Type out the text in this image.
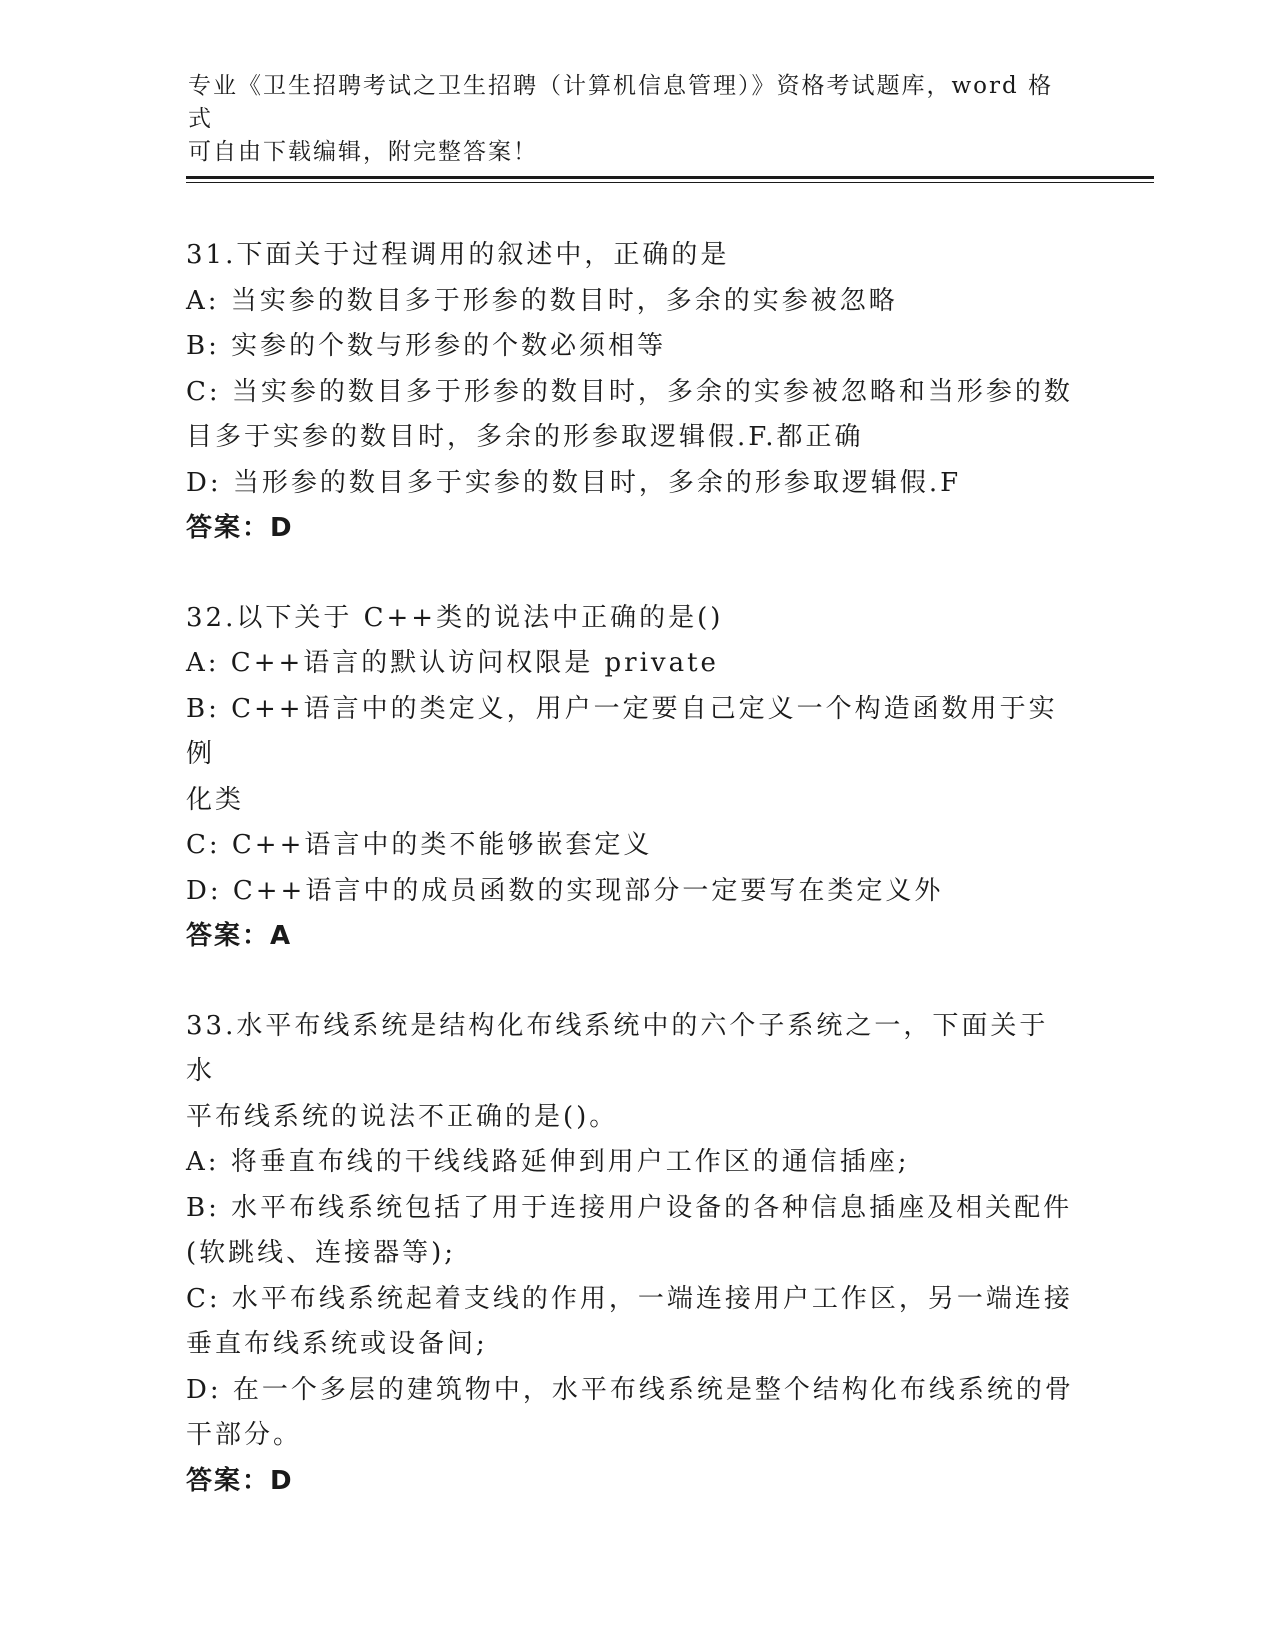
专业《卫生招聘考试之卫生招聘（计算机信息管理）》资格考试题库，word 格式
可自由下载编辑，附完整答案！
31.下面关于过程调用的叙述中，正确的是
A: 当实参的数目多于形参的数目时，多余的实参被忽略
B: 实参的个数与形参的个数必须相等
C: 当实参的数目多于形参的数目时，多余的实参被忽略和当形参的数
目多于实参的数目时，多余的形参取逻辑假.F.都正确
D: 当形参的数目多于实参的数目时，多余的形参取逻辑假.F
答案：D
32.以下关于 C++类的说法中正确的是()
A: C++语言的默认访问权限是 private
B: C++语言中的类定义，用户一定要自己定义一个构造函数用于实例
化类
C: C++语言中的类不能够嵌套定义
D: C++语言中的成员函数的实现部分一定要写在类定义外
答案：A
33.水平布线系统是结构化布线系统中的六个子系统之一，下面关于水
平布线系统的说法不正确的是()。
A: 将垂直布线的干线线路延伸到用户工作区的通信插座;
B: 水平布线系统包括了用于连接用户设备的各种信息插座及相关配件
(软跳线、连接器等);
C: 水平布线系统起着支线的作用，一端连接用户工作区，另一端连接
垂直布线系统或设备间;
D: 在一个多层的建筑物中，水平布线系统是整个结构化布线系统的骨
干部分。
答案：D
